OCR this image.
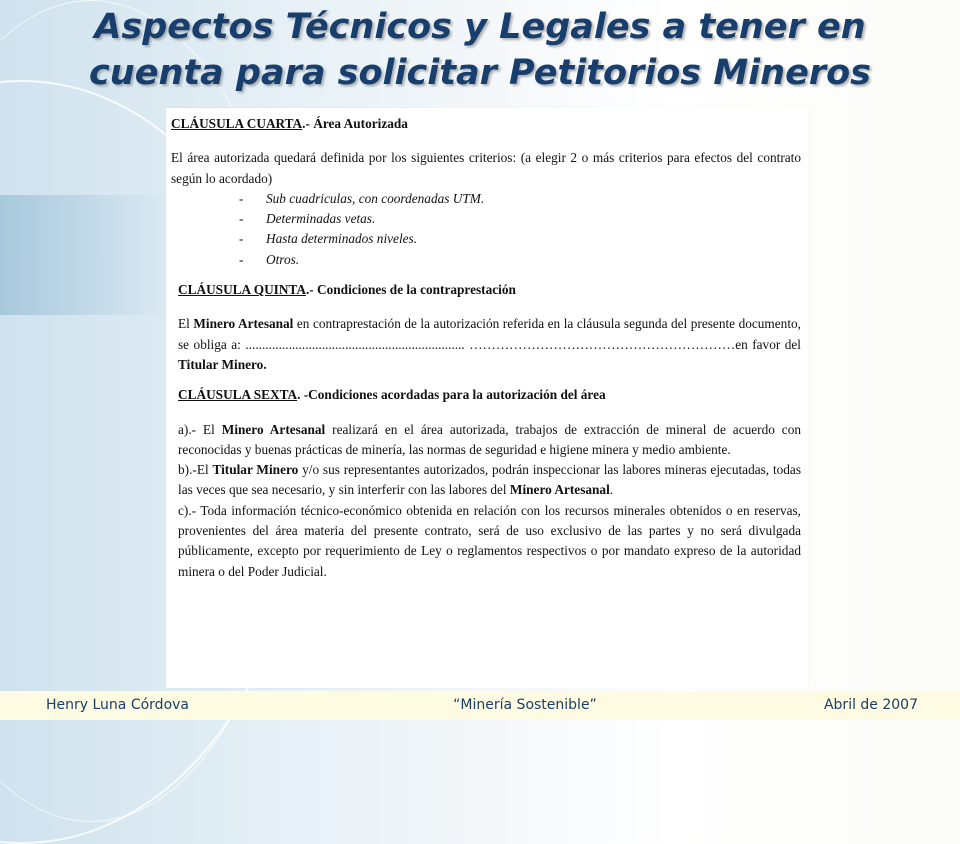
Aspectos Técnicos y Legales a tener en
cuenta para solicitar Petitorios Mineros

CLÁUSULA CUARTA.- Área Autorizada

El área autorizada quedará definida por los siguientes criterios: (a elegir 2 o más criterios para efectos del contrato según lo acordado)

- Sub cuadriculas, con coordenadas UTM.
- Determinadas vetas.
- Hasta determinados niveles.
- Otros.

CLÁUSULA QUINTA.- Condiciones de la contraprestación

El Minero Artesanal en contraprestación de la autorización referida en la cláusula segunda del presente documento, se obliga a: .................................................................. ……………………………………………………en favor del Titular Minero.

CLÁUSULA SEXTA. -Condiciones acordadas para la autorización del área

a).- El Minero Artesanal realizará en el área autorizada, trabajos de extracción de mineral de acuerdo con reconocidas y buenas prácticas de minería, las normas de seguridad e higiene minera y medio ambiente.

b).-El Titular Minero y/o sus representantes autorizados, podrán inspeccionar las labores mineras ejecutadas, todas las veces que sea necesario, y sin interferir con las labores del Minero Artesanal.

c).- Toda información técnico-económico obtenida en relación con los recursos minerales obtenidos o en reservas, provenientes del área materia del presente contrato, será de uso exclusivo de las partes y no será divulgada públicamente, excepto por requerimiento de Ley o reglamentos respectivos o por mandato expreso de la autoridad minera o del Poder Judicial.

Henry Luna Córdova	“Minería Sostenible”	Abril de 2007
